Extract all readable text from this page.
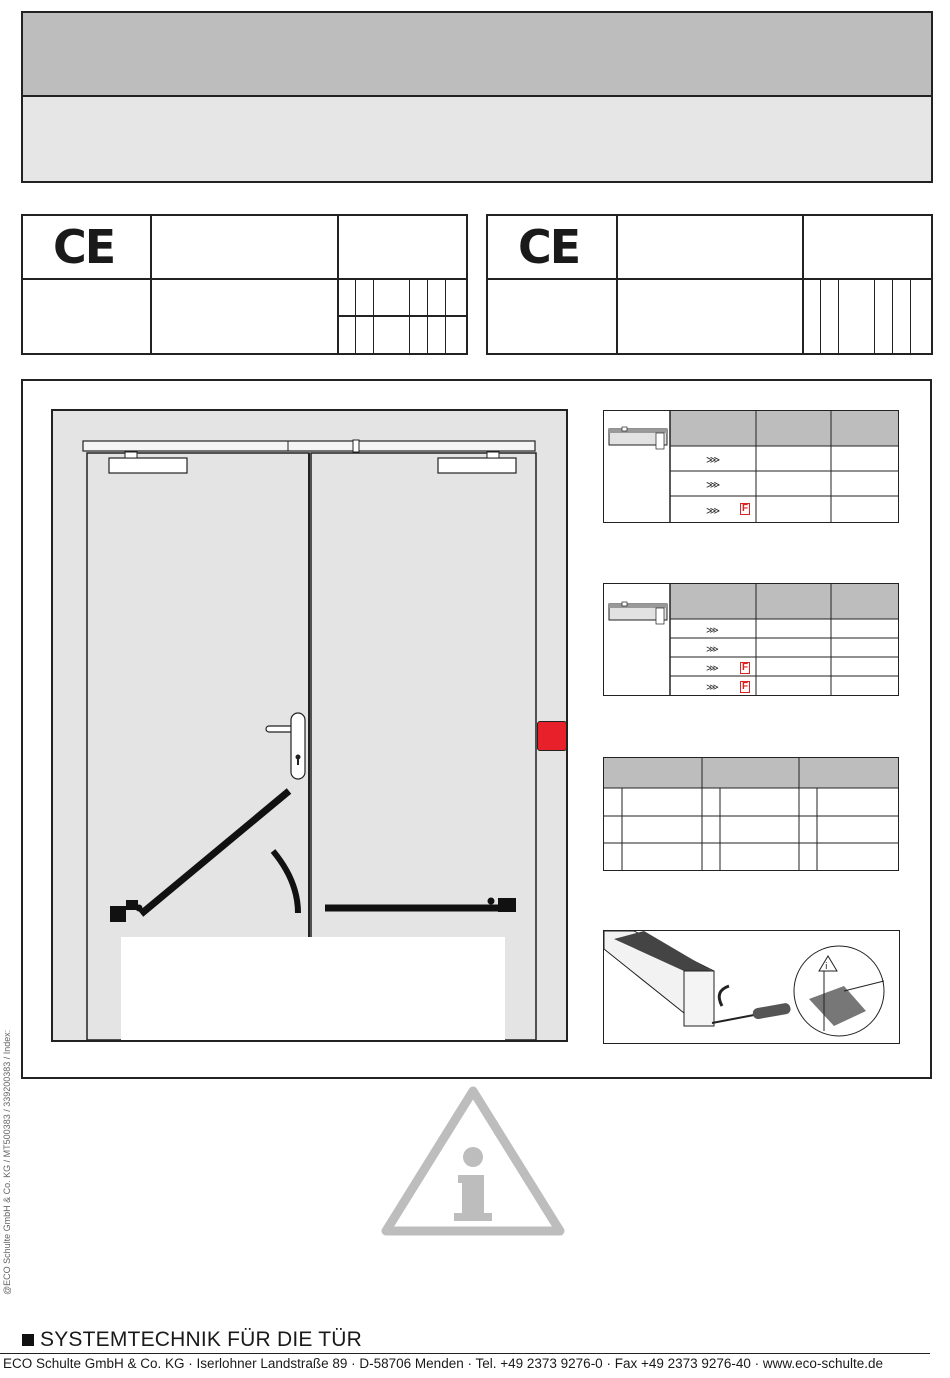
CE	CE
⋙
⋙
⋙ F
⋙
⋙
⋙
⋙
F
F
i
@ECO Schulte GmbH & Co. KG / MT500383 / 339200383 / Index:
SYSTEMTECHNIK FÜR DIE TÜR
ECO Schulte GmbH & Co. KG · Iserlohner Landstraße 89 · D-58706 Menden · Tel. +49 2373 9276-0 · Fax +49 2373 9276-40 · www.eco-schulte.de
